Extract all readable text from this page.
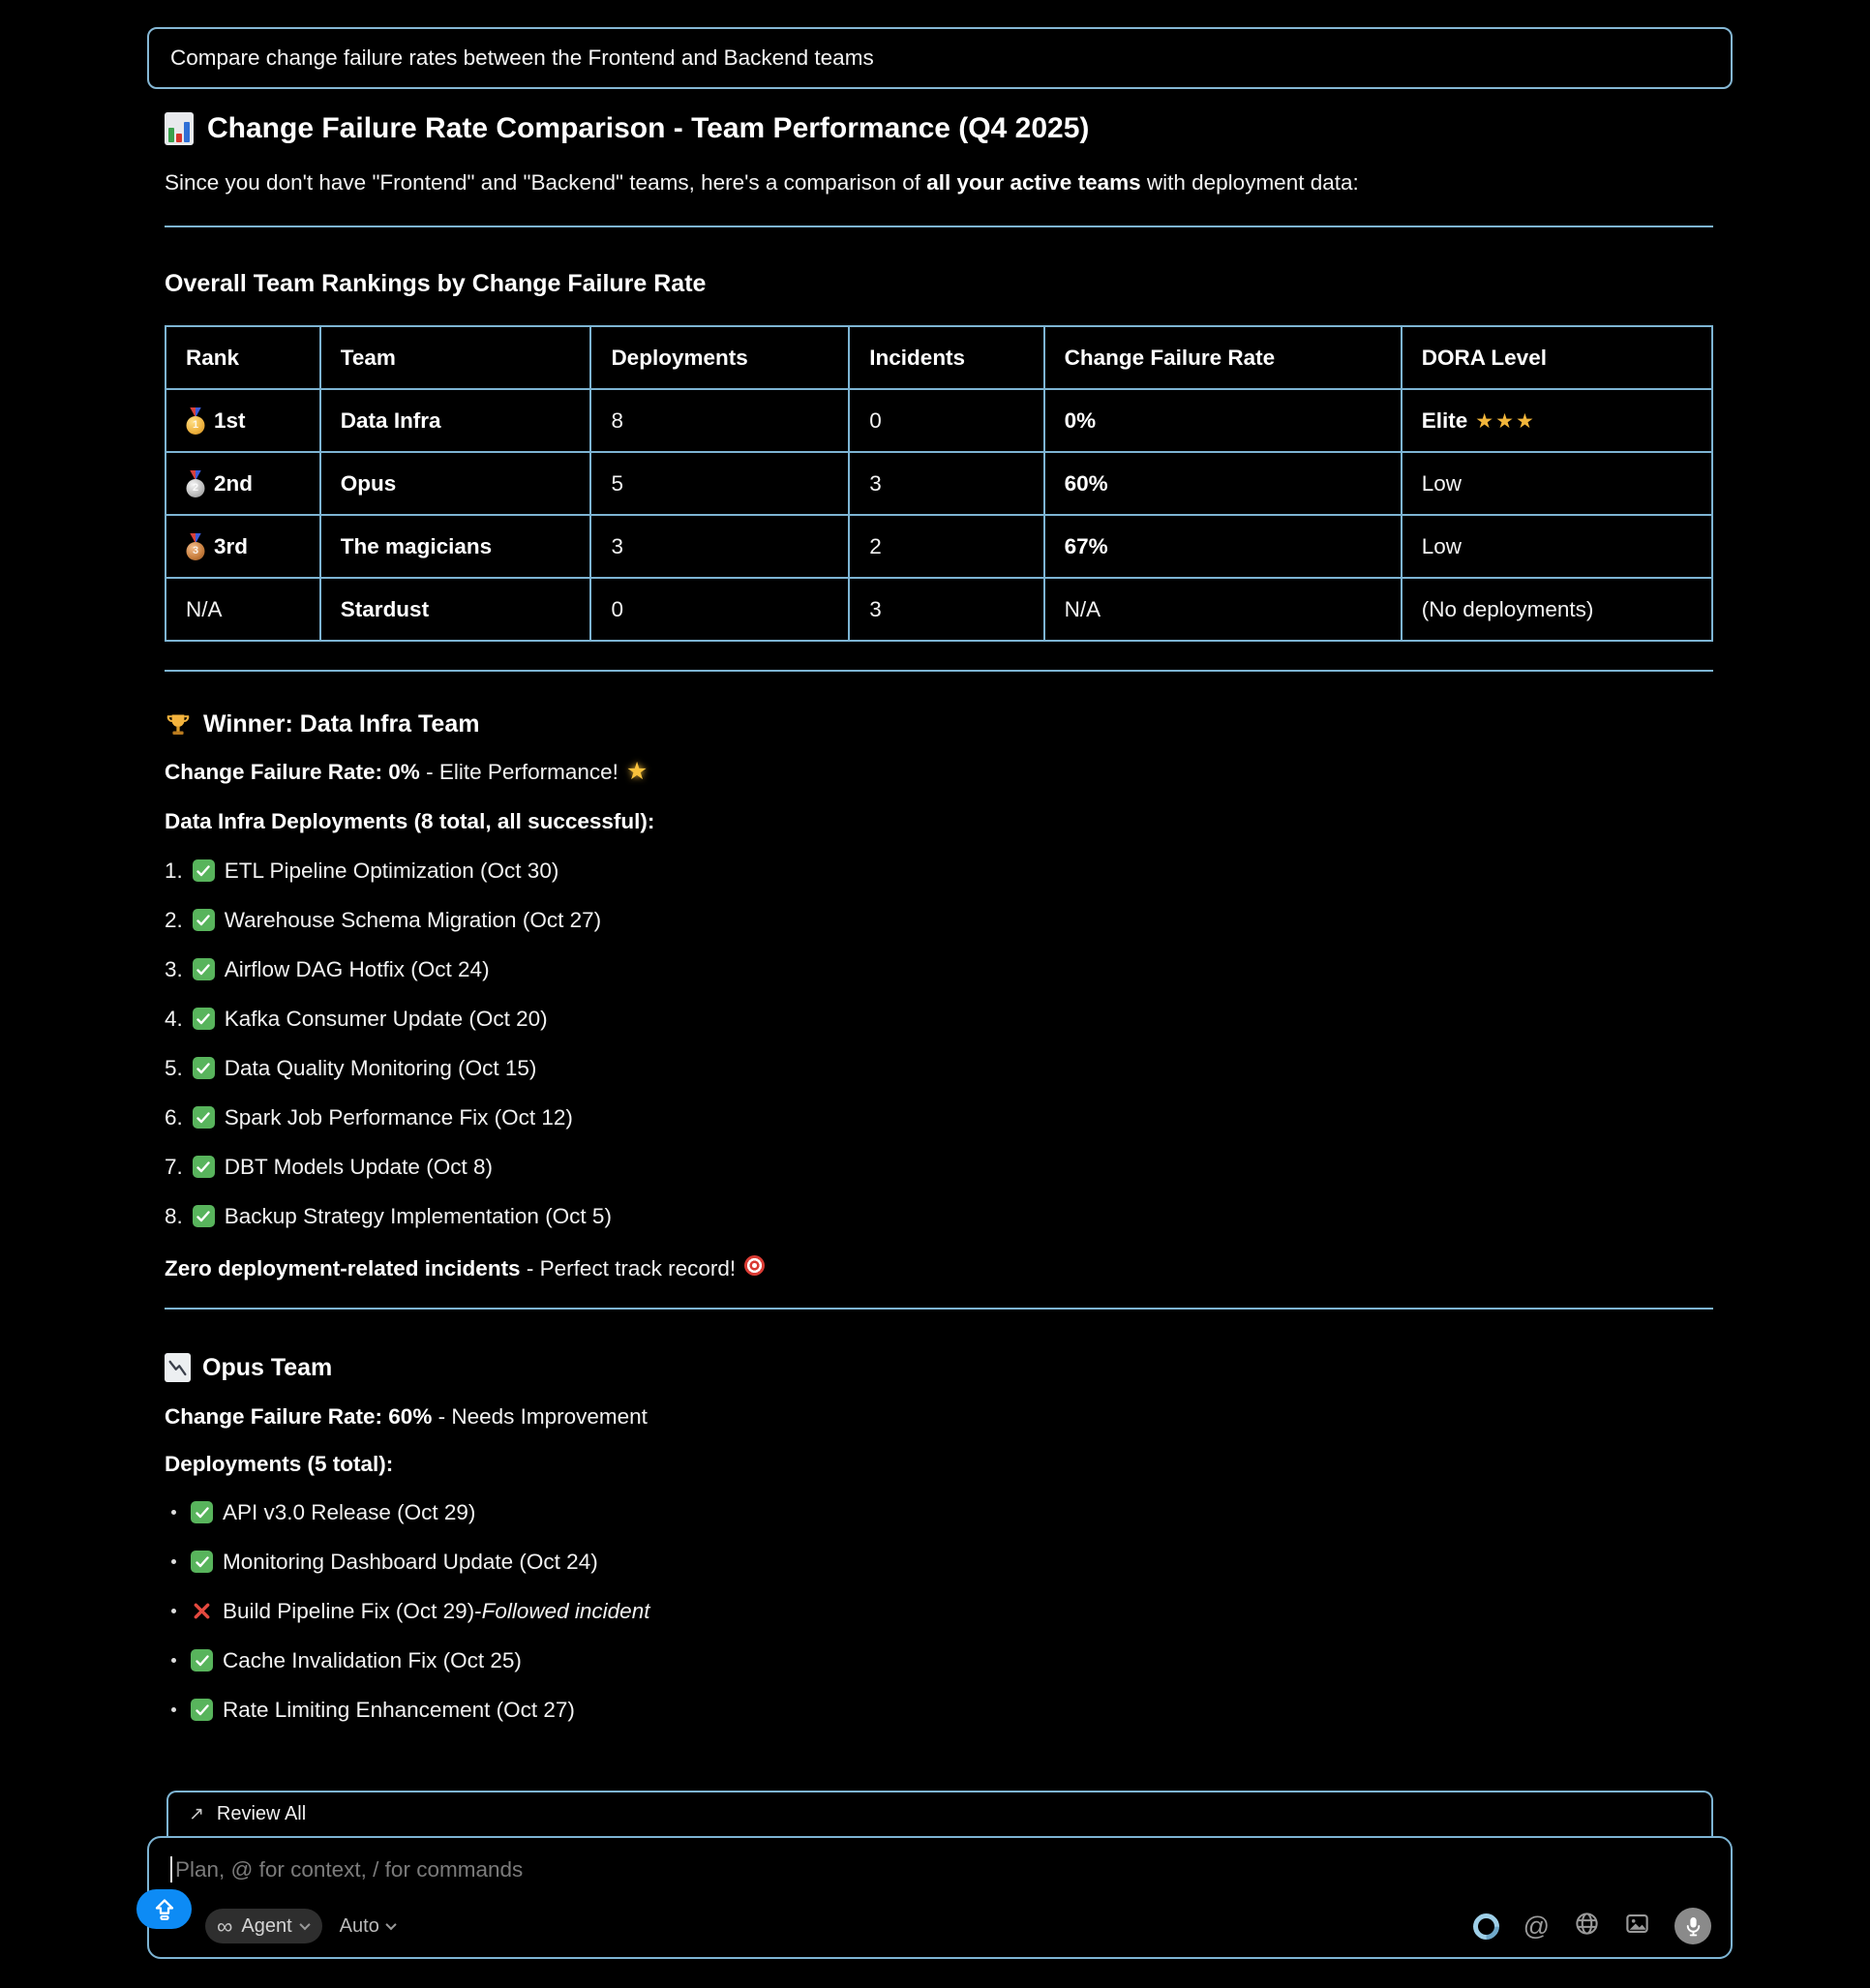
Compare change failure rates between the Frontend and Backend teams
Change Failure Rate Comparison - Team Performance (Q4 2025)

Since you don't have "Frontend" and "Backend" teams, here's a comparison of all your active teams with deployment data:

Overall Team Rankings by Change Failure Rate
Rank	Team	Deployments	Incidents	Change Failure Rate	DORA Level

1 1st	Data Infra	8	0	0%	Elite ★★★

2 2nd	Opus	5	3	60%	Low

3 3rd	The magicians	3	2	67%	Low

N/A	Stardust	0	3	N/A	(No deployments)
Winner: Data Infra Team

Change Failure Rate: 0% - Elite Performance! ★

Data Infra Deployments (8 total, all successful):

1. ETL Pipeline Optimization (Oct 30)
2. Warehouse Schema Migration (Oct 27)
3. Airflow DAG Hotfix (Oct 24)
4. Kafka Consumer Update (Oct 20)
5. Data Quality Monitoring (Oct 15)
6. Spark Job Performance Fix (Oct 12)
7. DBT Models Update (Oct 8)
8. Backup Strategy Implementation (Oct 5)

Zero deployment-related incidents - Perfect track record!

Opus Team

Change Failure Rate: 60% - Needs Improvement

Deployments (5 total):

API v3.0 Release (Oct 29)
Monitoring Dashboard Update (Oct 24)
Build Pipeline Fix (Oct 29) - Followed incident
Cache Invalidation Fix (Oct 25)
Rate Limiting Enhancement (Oct 27)
↗ Review All
Plan, @ for context, / for commands
∞ Agent Auto	@
